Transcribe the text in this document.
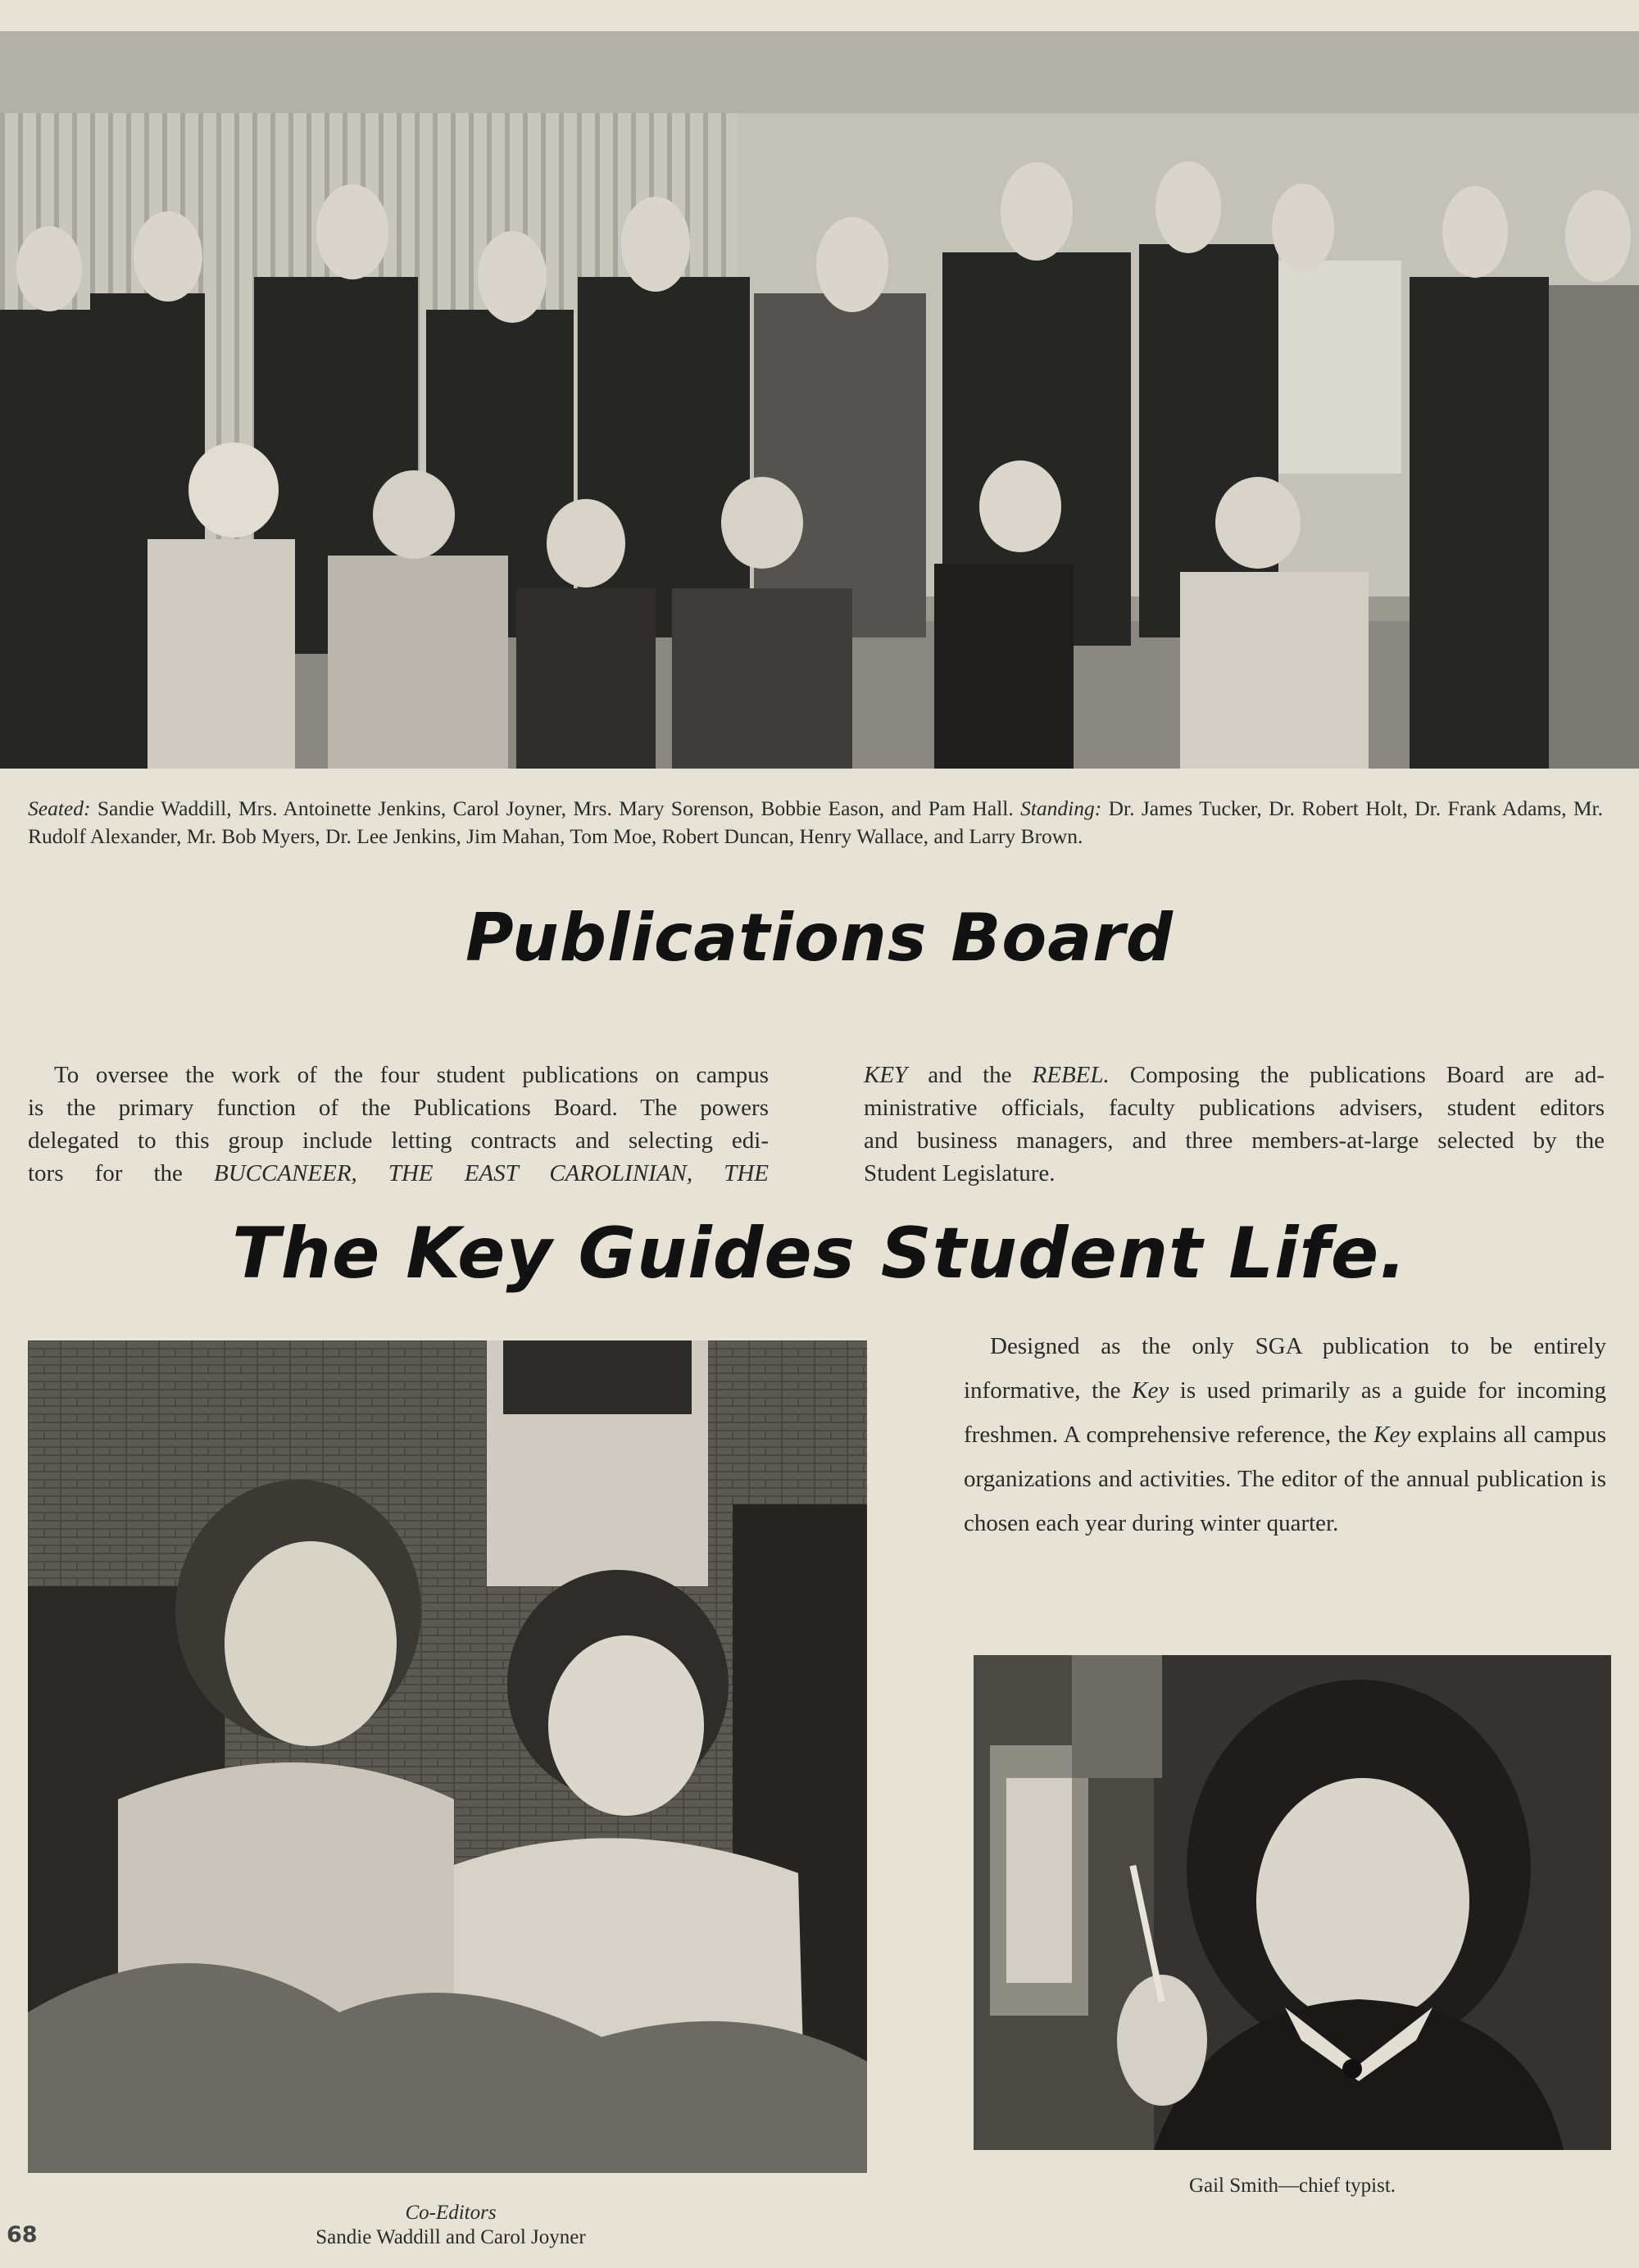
Seated: Sandie Waddill, Mrs. Antoinette Jenkins, Carol Joyner, Mrs. Mary Sorenson, Bobbie Eason, and Pam Hall. Standing: Dr. James Tucker, Dr. Robert Holt, Dr. Frank Adams, Mr. Rudolf Alexander, Mr. Bob Myers, Dr. Lee Jenkins, Jim Mahan, Tom Moe, Robert Duncan, Henry Wallace, and Larry Brown.
Publications Board

To oversee the work of the four student publications on campus

is the primary function of the Publications Board. The powers

delegated to this group include letting contracts and selecting edi-

tors for the BUCCANEER, THE EAST CAROLINIAN, THE

KEY and the REBEL. Composing the publications Board are ad-

ministrative officials, faculty publications advisers, student editors

and business managers, and three members-at-large selected by the

Student Legislature.

The Key Guides Student Life.

Designed as the only SGA publication to be entirely informative, the Key is used primarily as a guide for incoming freshmen. A comprehensive reference, the Key explains all campus organizations and activities. The editor of the annual publication is chosen each year during winter quarter.

Gail Smith—chief typist.
Co-Editors
Sandie Waddill and Carol Joyner
68
